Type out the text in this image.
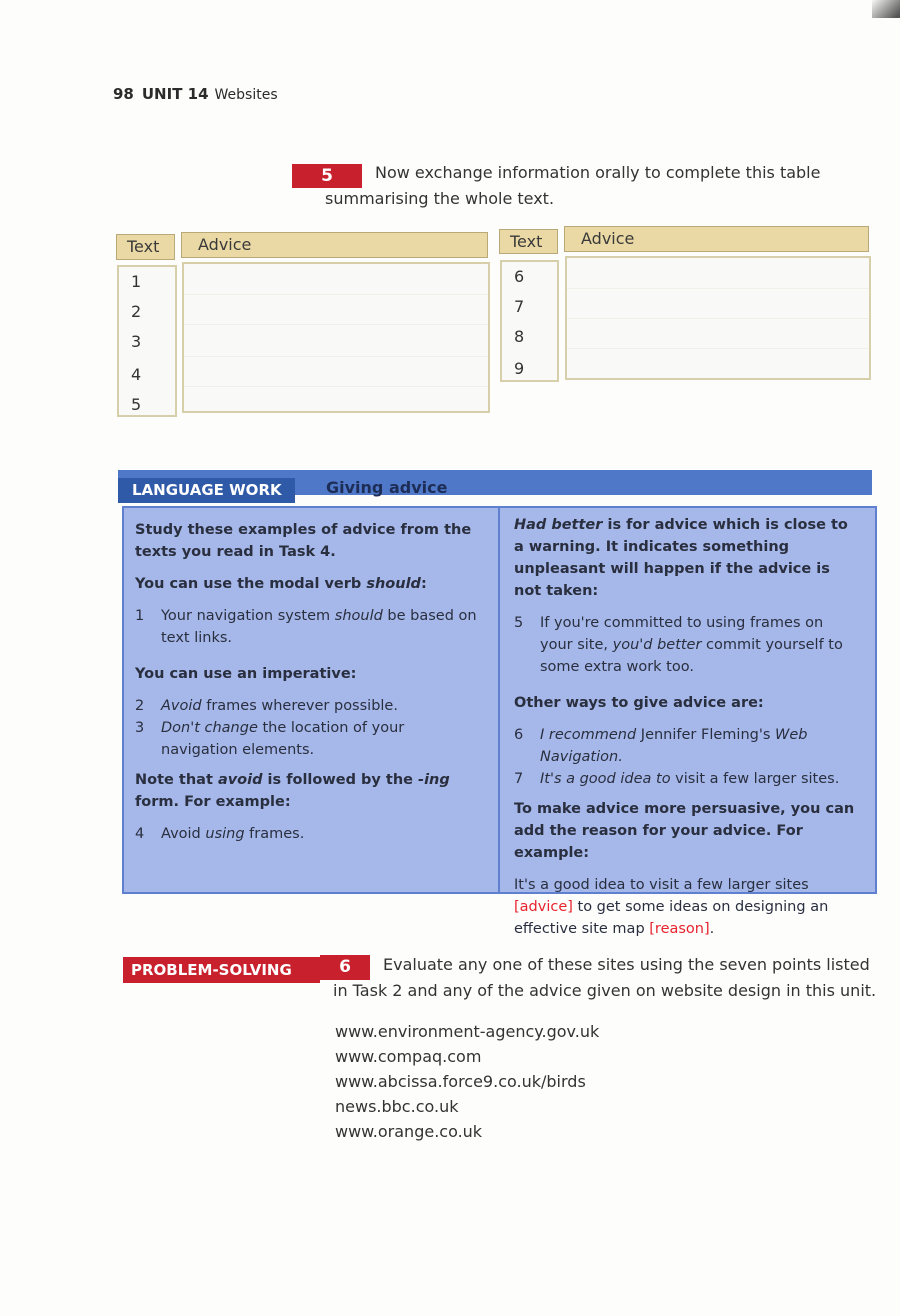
98 UNIT 14 Websites
5	Now exchange information orally to complete this table summarising the whole text.
Text	Advice
1
2
3
4
5
Text	Advice
6
7
8
9
LANGUAGE WORK	Giving advice

Study these examples of advice from the texts you read in Task 4.

You can use the modal verb should:

1 Your navigation system should be based on text links.

You can use an imperative:

2 Avoid frames wherever possible.
3 Don't change the location of your navigation elements.

Note that avoid is followed by the -ing form. For example:

4 Avoid using frames.

Had better is for advice which is close to a warning. It indicates something unpleasant will happen if the advice is not taken:

5 If you're committed to using frames on your site, you'd better commit yourself to some extra work too.

Other ways to give advice are:

6 I recommend Jennifer Fleming's Web Navigation.
7 It's a good idea to visit a few larger sites.

To make advice more persuasive, you can add the reason for your advice. For example:

It's a good idea to visit a few larger sites [advice] to get some ideas on designing an effective site map [reason].

PROBLEM-SOLVING	6	Evaluate any one of these sites using the seven points listed in Task 2 and any of the advice given on website design in this unit.
www.environment-agency.gov.uk
www.compaq.com
www.abcissa.force9.co.uk/birds
news.bbc.co.uk
www.orange.co.uk
